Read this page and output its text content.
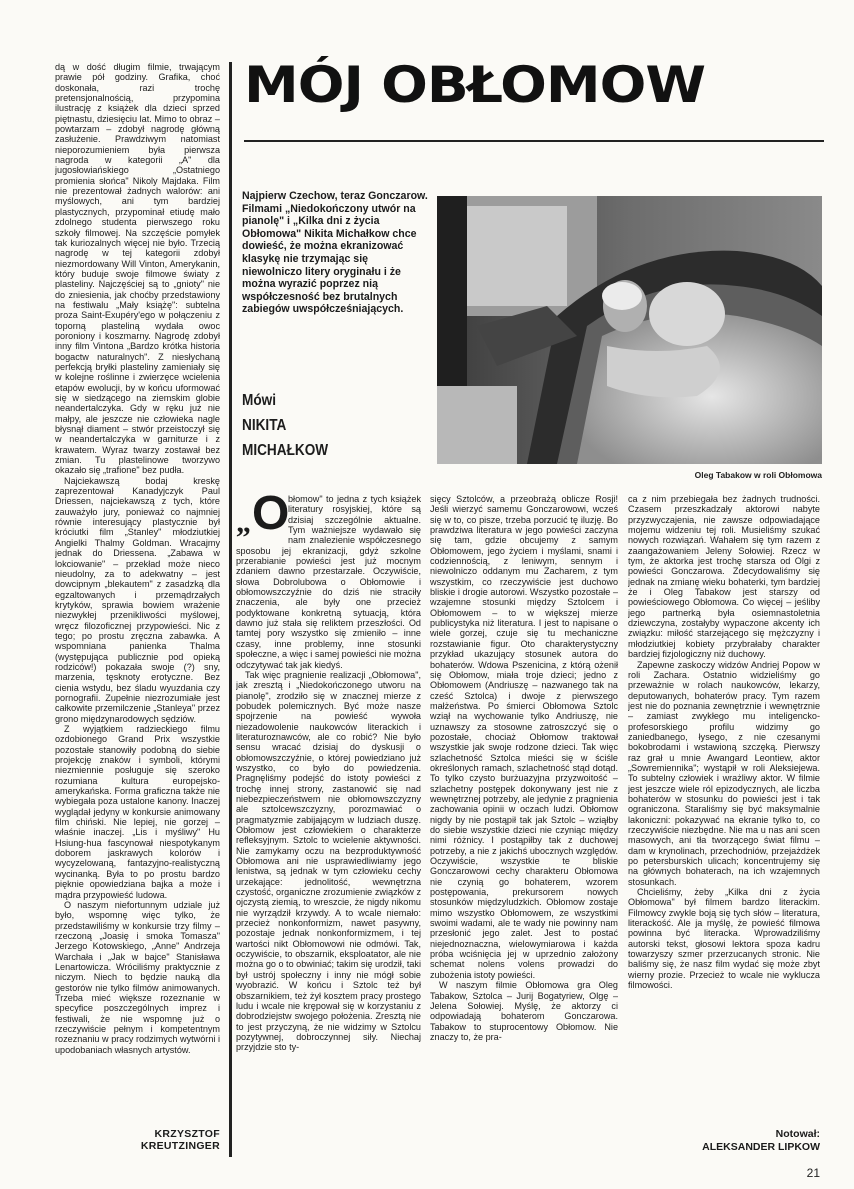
dą w dość długim filmie, trwającym prawie pół godziny. Grafika, choć doskonała, razi trochę pretensjonalnością, przypomina ilustrację z książek dla dzieci sprzed piętnastu, dziesięciu lat. Mimo to obraz – powtarzam – zdobył nagrodę główną zasłużenie. Prawdziwym natomiast nieporozumieniem była pierwsza nagroda w kategorii „A" dla jugosłowiańskiego „Ostatniego promienia słońca" Nikoly Majdaka. Film nie prezentował żadnych walorów: ani myślowych, ani tym bardziej plastycznych, przypominał etiudę mało zdolnego studenta pierwszego roku szkoły filmowej. Na szczęście pomyłek tak kuriozalnych więcej nie było. Trzecią nagrodę w tej kategorii zdobył niezmordowany Will Vinton, Amerykanin, który buduje swoje filmowe światy z plasteliny. Najczęściej są to „gnioty" nie do zniesienia, jak choćby przedstawiony na festiwalu „Mały książę": subtelna proza Saint-Exupéry'ego w połączeniu z toporną plasteliną wydała owoc poroniony i koszmarny. Nagrodę zdobył inny film Vintona „Bardzo krótka historia bogactw naturalnych". Z niesłychaną perfekcją bryłki plasteliny zamieniały się w kolejne roślinne i zwierzęce wcielenia etapów ewolucji, by w końcu uformować się w siedzącego na ziemskim globie neandertalczyka. Gdy w ręku już nie małpy, ale jeszcze nie człowieka nagle błysnął diament – stwór przeistoczył się w neandertalczyka w garniturze i z krawatem. Wyraz twarzy zostawał bez zmian. Tu plastelinowe tworzywo okazało się „trafione" bez pudła.

Najciekawszą bodaj kreskę zaprezentował Kanadyjczyk Paul Driessen, najciekawszą z tych, które zauważyło jury, ponieważ co najmniej równie interesujący plastycznie był króciutki film „Stanley" młodziutkiej Angielki Thalmy Goldman. Wracajmy jednak do Driessena. „Zabawa w lokciowanie" – przekład może nieco nieudolny, za to adekwatny – jest dowcipnym „blekautem" z zasadzką dla egzaltowanych i przemądrzałych krytyków, sprawia bowiem wrażenie niezwykłej przenikliwości myślowej, wręcz filozoficznej przypowieści. Nic z tego; po prostu zręczna zabawka. A wspomniana panienka Thalma (występująca publicznie pod opieką rodziców!) pokazała swoje (?) sny, marzenia, tęsknoty erotyczne. Bez cienia wstydu, bez śladu wyuzdania czy pornografii. Zupełnie niezrozumiałe jest całkowite przemilczenie „Stanleya" przez grono międzynarodowych sędziów.

Z wyjątkiem radzieckiego filmu ozdobionego Grand Prix wszystkie pozostałe stanowiły podobną do siebie projekcję znaków i symboli, którymi niezmiennie posługuje się szeroko rozumiana kultura europejsko-amerykańska. Forma graficzna także nie wybiegała poza ustalone kanony. Inaczej wyglądał jedyny w konkursie animowany film chiński. Nie lepiej, nie gorzej – właśnie inaczej. „Lis i myśliwy" Hu Hsiung-hua fascynował niespotykanym doborem jaskrawych kolorów i wycyzelowaną, fantazyjno-realistyczną wycinanką. Była to po prostu bardzo pięknie opowiedziana bajka a może i mądra przypowieść ludowa.

O naszym niefortunnym udziale już było, wspomnę więc tylko, że przedstawiliśmy w konkursie trzy filmy – rzeczoną „Joasię i smoka Tomasza" Jerzego Kotowskiego, „Anne" Andrzeja Warchała i „Jak w bajce" Stanisława Lenartowicza. Wróciliśmy praktycznie z niczym. Niech to będzie nauką dla gestorów nie tylko filmów animowanych. Trzeba mieć większe rozeznanie w specyfice poszczególnych imprez i festiwali, że nie wspomnę już o rzeczywiście pełnym i kompetentnym rozeznaniu w pracy rodzimych wytwórni i upodobaniach własnych artystów.

KRZYSZTOF
KREUTZINGER
MÓJ OBŁOMOW
Najpierw Czechow, teraz Gonczarow. Filmami „Niedokończony utwór na pianolę" i „Kilka dni z życia Obłomowa" Nikita Michałkow chce dowieść, że można ekranizować klasykę nie trzymając się niewolniczo litery oryginału i że można wyrazić poprzez nią współczesność bez brutalnych zabiegów uwspółcześniających.
Mówi
NIKITA
MICHAŁKOW
Oleg Tabakow w roli Obłomowa
„ O

błomow" to jedna z tych książek literatury rosyjskiej, które są dzisiaj szczególnie aktualne. Tym ważniejsze wydawało się nam znalezienie współczesnego sposobu jej ekranizacji, gdyż szkolne przerabianie powieści jest już mocnym zdaniem dawno przestarzałe. Oczywiście, słowa Dobrolubowa o Obłomowie i obłomowszczyźnie do dziś nie straciły znaczenia, ale były one przecież podyktowane konkretną sytuacją, która dawno już stała się reliktem przeszłości. Od tamtej pory wszystko się zmieniło – inne czasy, inne problemy, inne stosunki społeczne, a więc i samej powieści nie można odczytywać tak jak kiedyś.

Tak więc pragnienie realizacji „Obłomowa", jak zresztą i „Niedokończonego utworu na pianolę", zrodziło się w znacznej mierze z pobudek polemicznych. Być może nasze spojrzenie na powieść wywoła niezadowolenie naukowców literackich i literaturoznawców, ale co robić? Nie było sensu wracać dzisiaj do dyskusji o obłomowszczyźnie, o której powiedziano już wszystko, co było do powiedzenia. Pragnęliśmy podejść do istoty powieści z trochę innej strony, zastanowić się nad niebezpieczeństwem nie obłomowszczyzny ale sztolcewszczyzny, porozmawiać o pragmatyzmie zabijającym w ludziach duszę. Obłomow jest człowiekiem o charakterze refleksyjnym. Sztolc to wcielenie aktywności. Nie zamykamy oczu na bezproduktywność Obłomowa ani nie usprawiedliwiamy jego lenistwa, są jednak w tym człowieku cechy urzekające: jednolitość, wewnętrzna czystość, organiczne zrozumienie związków z ojczystą ziemią, to wreszcie, że nigdy nikomu nie wyrządził krzywdy. A to wcale niemało: przecież nonkonformizm, nawet pasywny, pozostaje jednak nonkonformizmem, i tej wartości nikt Obłomowowi nie odmówi. Tak, oczywiście, to obszarnik, eksploatator, ale nie można go o to obwiniać; takim się urodził, taki był ustrój społeczny i inny nie mógł sobie wyobrazić. W końcu i Sztolc też był obszarnikiem, też żył kosztem pracy prostego ludu i wcale nie krępował się w korzystaniu z dobrodziejstw swojego położenia. Zresztą nie to jest przyczyną, że nie widzimy w Sztolcu pozytywnej, dobroczynnej siły. Niechaj przyjdzie sto ty-

sięcy Sztolców, a przeobrażą oblicze Rosji! Jeśli wierzyć samemu Gonczarowowi, wcześ się w to, co pisze, trzeba porzucić tę iluzję. Bo prawdziwa literatura w jego powieści zaczyna się tam, gdzie obcujemy z samym Obłomowem, jego życiem i myślami, snami i codziennością, z leniwym, sennym i niewolniczo oddanym mu Zacharem, z tym wszystkim, co rzeczywiście jest duchowo bliskie i drogie autorowi. Wszystko pozostałe – wzajemne stosunki między Sztolcem i Obłomowem – to w większej mierze publicystyka niż literatura. I jest to napisane o wiele gorzej, czuje się tu mechaniczne rozstawianie figur. Oto charakterystyczny przykład ukazujący stosunek autora do bohaterów. Wdowa Pszenicina, z którą ożenił się Obłomow, miała troje dzieci; jedno z Obłomowem (Andriuszę – nazwanego tak na cześć Sztolca) i dwoje z pierwszego małżeństwa. Po śmierci Obłomowa Sztolc wziął na wychowanie tylko Andriuszę, nie uznawszy za stosowne zatroszczyć się o pozostałe, chociaż Obłomow traktował wszystkie jak swoje rodzone dzieci. Tak więc szlachetność Sztolca mieści się w ściśle określonych ramach, szlachetność stąd dotąd. To tylko czysto burżuazyjna przyzwoitość – szlachetny postępek dokonywany jest nie z wewnętrznej potrzeby, ale jedynie z pragnienia zachowania opinii w oczach ludzi. Obłomow nigdy by nie postąpił tak jak Sztolc – wziąłby do siebie wszystkie dzieci nie czyniąc między nimi różnicy. I postąpiłby tak z duchowej potrzeby, a nie z jakichś ubocznych względów. Oczywiście, wszystkie te bliskie Gonczarowowi cechy charakteru Obłomowa nie czynią go bohaterem, wzorem postępowania, prekursorem nowych stosunków międzyludzkich. Obłomow zostaje mimo wszystko Obłomowem, ze wszystkimi swoimi wadami, ale te wady nie powinny nam przesłonić jego zalet. Jest to postać niejednoznaczna, wielowymiarowa i każda próba wciśnięcia jej w uprzednio założony schemat nolens volens prowadzi do zubożenia istoty powieści.

W naszym filmie Obłomowa gra Oleg Tabakow, Sztolca – Jurij Bogatyriew, Olgę – Jelena Sołowiej. Myślę, że aktorzy ci odpowiadają bohaterom Gonczarowa. Tabakow to stuprocentowy Obłomow. Nie znaczy to, że pra-

ca z nim przebiegała bez żadnych trudności. Czasem przeszkadzały aktorowi nabyte przyzwyczajenia, nie zawsze odpowiadające mojemu widzeniu tej roli. Musieliśmy szukać nowych rozwiązań. Wahałem się tym razem z zaangażowaniem Jeleny Sołowiej. Rzecz w tym, że aktorka jest trochę starsza od Olgi z powieści Gonczarowa. Zdecydowaliśmy się jednak na zmianę wieku bohaterki, tym bardziej że i Oleg Tabakow jest starszy od powieściowego Obłomowa. Co więcej – jeśliby jego partnerką była osiemnastoletnia dziewczyna, zostałyby wypaczone akcenty ich związku: miłość starzejącego się mężczyzny i młodziutkiej kobiety przybrałaby charakter bardziej fizjologiczny niż duchowy.

Zapewne zaskoczy widzów Andriej Popow w roli Zachara. Ostatnio widzieliśmy go przeważnie w rolach naukowców, lekarzy, deputowanych, bohaterów pracy. Tym razem jest nie do poznania zewnętrznie i wewnętrznie – zamiast zwykłego mu inteligencko-profesorskiego profilu widzimy go zaniedbanego, łysego, z nie czesanymi bokobrodami i wstawioną szczęką. Pierwszy raz grał u mnie Awangard Leontiew, aktor „Sowremiennika"; wystąpił w roli Aleksiejewa. To subtelny człowiek i wrażliwy aktor. W filmie jest jeszcze wiele ról epizodycznych, ale liczba bohaterów w stosunku do powieści jest i tak ograniczona. Staraliśmy się być maksymalnie lakoniczni: pokazywać na ekranie tylko to, co rzeczywiście niezbędne. Nie ma u nas ani scen masowych, ani tła tworzącego świat filmu – dam w krynolinach, przechodniów, przejażdżek po petersburskich ulicach; koncentrujemy się na głównych bohaterach, na ich wzajemnych stosunkach.

Chcieliśmy, żeby „Kilka dni z życia Obłomowa" był filmem bardzo literackim. Filmowcy zwykle boją się tych słów – literatura, literackość. Ale ja myślę, że powieść filmowa powinna być literacka. Wprowadziliśmy autorski tekst, głosowi lektora spoza kadru towarzyszy szmer przerzucanych stronic. Nie baliśmy się, że nasz film wydać się może zbyt wierny prozie. Przecież to wcale nie wyklucza filmowości.

Notował:
ALEKSANDER LIPKOW
21
